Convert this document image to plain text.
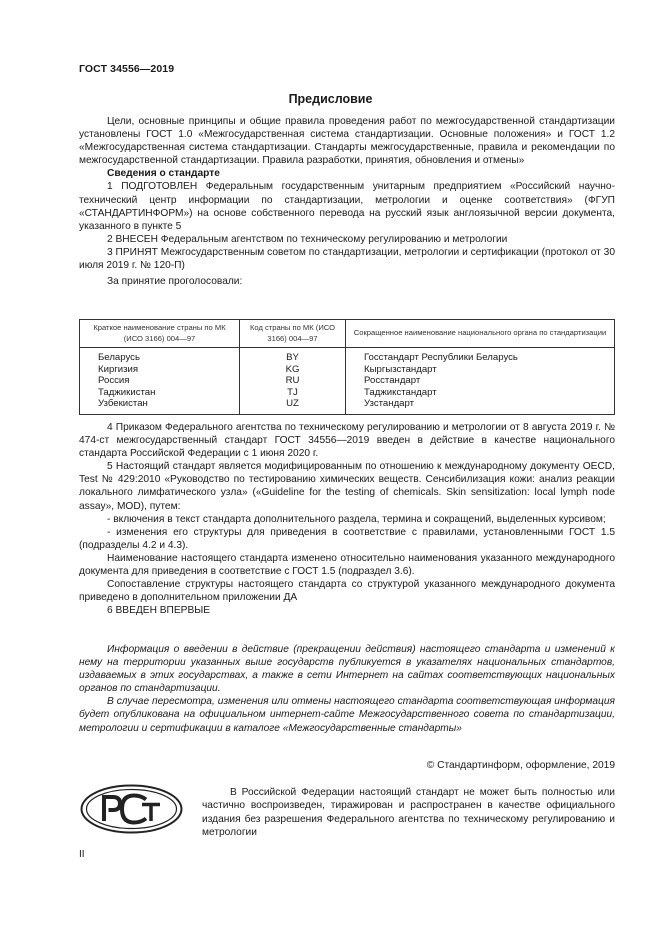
ГОСТ 34556—2019
Предисловие

Цели, основные принципы и общие правила проведения работ по межгосударственной стандартизации установлены ГОСТ 1.0 «Межгосударственная система стандартизации. Основные положения» и ГОСТ 1.2 «Межгосударственная система стандартизации. Стандарты межгосударственные, правила и рекомендации по межгосударственной стандартизации. Правила разработки, принятия, обновления и отмены»

Сведения о стандарте

1 ПОДГОТОВЛЕН Федеральным государственным унитарным предприятием «Российский научно-технический центр информации по стандартизации, метрологии и оценке соответствия» (ФГУП «СТАНДАРТИНФОРМ») на основе собственного перевода на русский язык англоязычной версии документа, указанного в пункте 5

2 ВНЕСЕН Федеральным агентством по техническому регулированию и метрологии

3 ПРИНЯТ Межгосударственным советом по стандартизации, метрологии и сертификации (протокол от 30 июля 2019 г. № 120-П)

За принятие проголосовали:

Краткое наименование страны по МК (ИСО 3166) 004—97	Код страны по МК (ИСО 3166) 004—97	Сокращенное наименование национального органа по стандартизации
Беларусь	BY	Госстандарт Республики Беларусь
Киргизия	KG	Кыргызстандарт
Россия	RU	Росстандарт
Таджикистан	TJ	Таджикстандарт
Узбекистан	UZ	Узстандарт

4 Приказом Федерального агентства по техническому регулированию и метрологии от 8 августа 2019 г. № 474-ст межгосударственный стандарт ГОСТ 34556—2019 введен в действие в качестве национального стандарта Российской Федерации с 1 июня 2020 г.

5 Настоящий стандарт является модифицированным по отношению к международному документу OECD, Test № 429:2010 «Руководство по тестированию химических веществ. Сенсибилизация кожи: анализ реакции локального лимфатического узла» («Guideline for the testing of chemicals. Skin sensitization: local lymph node assay», MOD), путем:

- включения в текст стандарта дополнительного раздела, термина и сокращений, выделенных курсивом;

- изменения его структуры для приведения в соответствие с правилами, установленными ГОСТ 1.5 (подразделы 4.2 и 4.3).

Наименование настоящего стандарта изменено относительно наименования указанного международного документа для приведения в соответствие с ГОСТ 1.5 (подраздел 3.6).

Сопоставление структуры настоящего стандарта со структурой указанного международного документа приведено в дополнительном приложении ДА

6 ВВЕДЕН ВПЕРВЫЕ

Информация о введении в действие (прекращении действия) настоящего стандарта и изменений к нему на территории указанных выше государств публикуется в указателях национальных стандартов, издаваемых в этих государствах, а также в сети Интернет на сайтах соответствующих национальных органов по стандартизации.

В случае пересмотра, изменения или отмены настоящего стандарта соответствующая информация будет опубликована на официальном интернет-сайте Межгосударственного совета по стандартизации, метрологии и сертификации в каталоге «Межгосударственные стандарты»

© Стандартинформ, оформление, 2019

В Российской Федерации настоящий стандарт не может быть полностью или частично воспроизведен, тиражирован и распространен в качестве официального издания без разрешения Федерального агентства по техническому регулированию и метрологии

II
